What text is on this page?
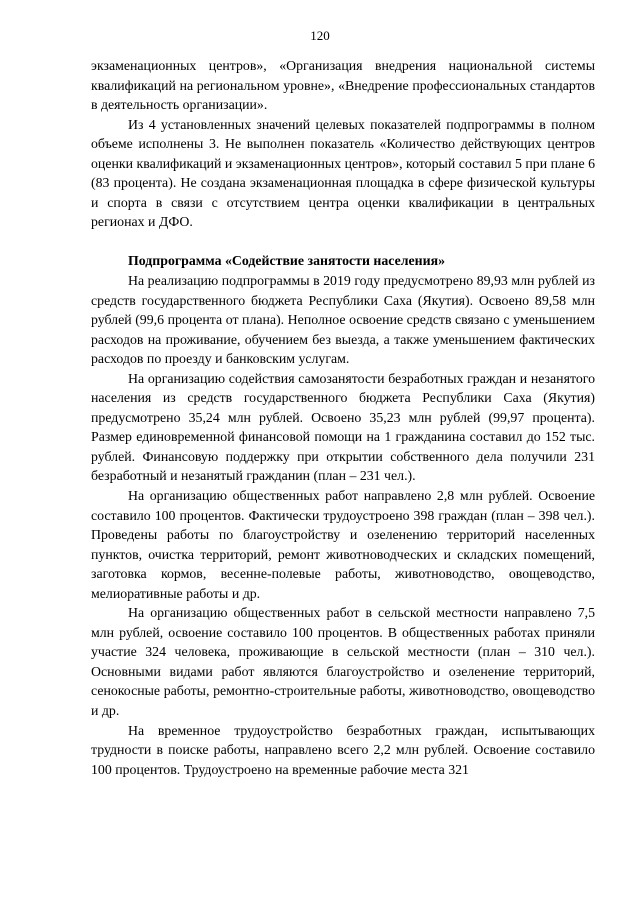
120

экзаменационных центров», «Организация внедрения национальной системы квалификаций на региональном уровне», «Внедрение профессиональных стандартов в деятельность организации».

Из 4 установленных значений целевых показателей подпрограммы в полном объеме исполнены 3. Не выполнен показатель «Количество действующих центров оценки квалификаций и экзаменационных центров», который составил 5 при плане 6 (83 процента). Не создана экзаменационная площадка в сфере физической культуры и спорта в связи с отсутствием центра оценки квалификации в центральных регионах и ДФО.

Подпрограмма «Содействие занятости населения»

На реализацию подпрограммы в 2019 году предусмотрено 89,93 млн рублей из средств государственного бюджета Республики Саха (Якутия). Освоено 89,58 млн рублей (99,6 процента от плана). Неполное освоение средств связано с уменьшением расходов на проживание, обучением без выезда, а также уменьшением фактических расходов по проезду и банковским услугам.

На организацию содействия самозанятости безработных граждан и незанятого населения из средств государственного бюджета Республики Саха (Якутия) предусмотрено 35,24 млн рублей. Освоено 35,23 млн рублей (99,97 процента). Размер единовременной финансовой помощи на 1 гражданина составил до 152 тыс. рублей. Финансовую поддержку при открытии собственного дела получили 231 безработный и незанятый гражданин (план – 231 чел.).

На организацию общественных работ направлено 2,8 млн рублей. Освоение составило 100 процентов. Фактически трудоустроено 398 граждан (план – 398 чел.). Проведены работы по благоустройству и озеленению территорий населенных пунктов, очистка территорий, ремонт животноводческих и складских помещений, заготовка кормов, весенне-полевые работы, животноводство, овощеводство, мелиоративные работы и др.

На организацию общественных работ в сельской местности направлено 7,5 млн рублей, освоение составило 100 процентов. В общественных работах приняли участие 324 человека, проживающие в сельской местности (план – 310 чел.). Основными видами работ являются благоустройство и озеленение территорий, сенокосные работы, ремонтно-строительные работы, животноводство, овощеводство и др.

На временное трудоустройство безработных граждан, испытывающих трудности в поиске работы, направлено всего 2,2 млн рублей. Освоение составило 100 процентов. Трудоустроено на временные рабочие места 321
